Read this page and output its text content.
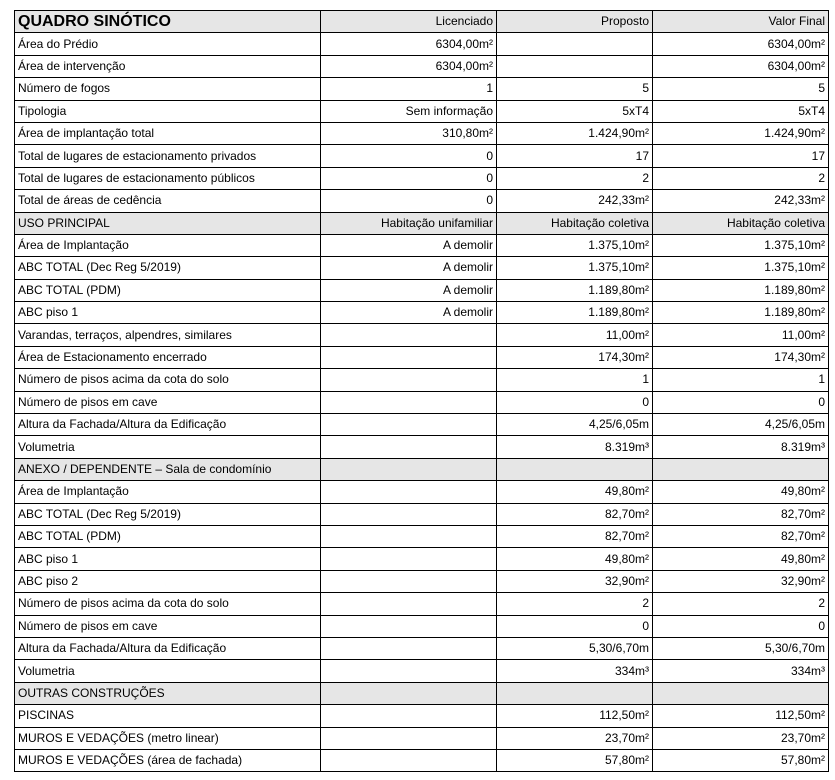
QUADRO SINÓTICO	Licenciado	Proposto	Valor Final
Área do Prédio	6304,00m²		6304,00m²
Área de intervenção	6304,00m²		6304,00m²
Número de fogos	1	5	5
Tipologia	Sem informação	5xT4	5xT4
Área de implantação total	310,80m²	1.424,90m²	1.424,90m²
Total de lugares de estacionamento privados	0	17	17
Total de lugares de estacionamento públicos	0	2	2
Total de áreas de cedência	0	242,33m²	242,33m²
USO PRINCIPAL	Habitação unifamiliar	Habitação coletiva	Habitação coletiva
Área de Implantação	A demolir	1.375,10m²	1.375,10m²
ABC TOTAL (Dec Reg 5/2019)	A demolir	1.375,10m²	1.375,10m²
ABC TOTAL (PDM)	A demolir	1.189,80m²	1.189,80m²
ABC piso 1	A demolir	1.189,80m²	1.189,80m²
Varandas, terraços, alpendres, similares		11,00m²	11,00m²
Área de Estacionamento encerrado		174,30m²	174,30m²
Número de pisos acima da cota do solo		1	1
Número de pisos em cave		0	0
Altura da Fachada/Altura da Edificação		4,25/6,05m	4,25/6,05m
Volumetria		8.319m³	8.319m³
ANEXO / DEPENDENTE – Sala de condomínio			
Área de Implantação		49,80m²	49,80m²
ABC TOTAL (Dec Reg 5/2019)		82,70m²	82,70m²
ABC TOTAL (PDM)		82,70m²	82,70m²
ABC piso 1		49,80m²	49,80m²
ABC piso 2		32,90m²	32,90m²
Número de pisos acima da cota do solo		2	2
Número de pisos em cave		0	0
Altura da Fachada/Altura da Edificação		5,30/6,70m	5,30/6,70m
Volumetria		334m³	334m³
OUTRAS CONSTRUÇÕES			
PISCINAS		112,50m²	112,50m²
MUROS E VEDAÇÕES (metro linear)		23,70m²	23,70m²
MUROS E VEDAÇÕES (área de fachada)		57,80m²	57,80m²
